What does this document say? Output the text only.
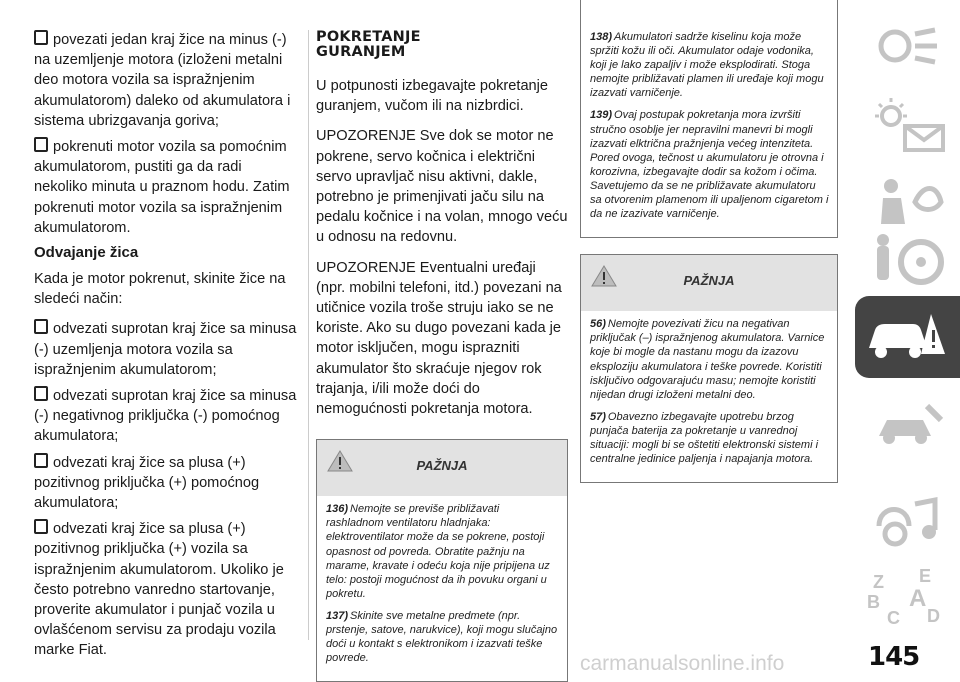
povezati jedan kraj žice na minus (-) na uzemljenje motora (izloženi metalni deo motora vozila sa ispražnjenim akumulatorom) daleko od akumulatora i sistema ubrizgavanja goriva;

pokrenuti motor vozila sa pomoćnim akumulatorom, pustiti ga da radi nekoliko minuta u praznom hodu. Zatim pokrenuti motor vozila sa ispražnjenim akumulatorom.

Odvajanje žica

Kada je motor pokrenut, skinite žice na sledeći način:

odvezati suprotan kraj žice sa minusa (-) uzemljenja motora vozila sa ispražnjenim akumulatorom;

odvezati suprotan kraj žice sa minusa (-) negativnog priključka (-) pomoćnog akumulatora;

odvezati kraj žice sa plusa (+) pozitivnog priključka (+) pomoćnog akumulatora;

odvezati kraj žice sa plusa (+) pozitivnog priključka (+) vozila sa ispražnjenim akumulatorom. Ukoliko je često potrebno vanredno startovanje, proverite akumulator i punjač vozila u ovlašćenom servisu za prodaju vozila marke Fiat.

POKRETANJE
GURANJEM

U potpunosti izbegavajte pokretanje guranjem, vučom ili na nizbrdici.

UPOZORENJE Sve dok se motor ne pokrene, servo kočnica i električni servo upravljač nisu aktivni, dakle, potrebno je primenjivati jaču silu na pedalu kočnice i na volan, mnogo veću u odnosu na redovnu.

UPOZORENJE Eventualni uređaji (npr. mobilni telefoni, itd.) povezani na utičnice vozila troše struju iako se ne koriste. Ako su dugo povezani kada je motor isključen, mogu isprazniti akumulator što skraćuje njegov rok trajanja, i/ili može doći do nemogućnosti pokretanja motora.

PAŽNJA

136) Nemojte se previše približavati rashladnom ventilatoru hladnjaka: elektroventilator može da se pokrene, postoji opasnost od povreda. Obratite pažnju na marame, kravate i odeću koja nije pripijena uz telo: postoji mogućnost da ih povuku organi u pokretu.

137) Skinite sve metalne predmete (npr. prstenje, satove, narukvice), koji mogu slučajno doći u kontakt s elektronikom i izazvati teške povrede.

138) Akumulatori sadrže kiselinu koja može spržiti kožu ili oči. Akumulator odaje vodonika, koji je lako zapaljiv i može eksplodirati. Stoga nemojte približavati plamen ili uređaje koji mogu izazvati varničenje.

139) Ovaj postupak pokretanja mora izvršiti stručno osoblje jer nepravilni manevri bi mogli izazvati elktrična pražnjenja većeg intenziteta. Pored ovoga, tečnost u akumulatoru je otrovna i korozivna, izbegavajte dodir sa kožom i očima. Savetujemo da se ne približavate akumulatoru sa otvorenim plamenom ili upaljenom cigaretom i da ne izazivate varničenje.

PAŽNJA

56) Nemojte povezivati žicu na negativan priključak (–) ispražnjenog akumulatora. Varnice koje bi mogle da nastanu mogu da izazovu eksploziju akumulatora i teške povrede. Koristiti isključivo odgovarajuću masu; nemojte koristiti nijedan drugi izloženi metalni deo.

57) Obavezno izbegavajte upotrebu brzog punjača baterija za pokretanje u vanrednoj situaciji: mogli bi se oštetiti elektronski sistemi i centralne jedinice paljenja i napajanja motora.

Z E
B A
C D
145
carmanualsonline.info
